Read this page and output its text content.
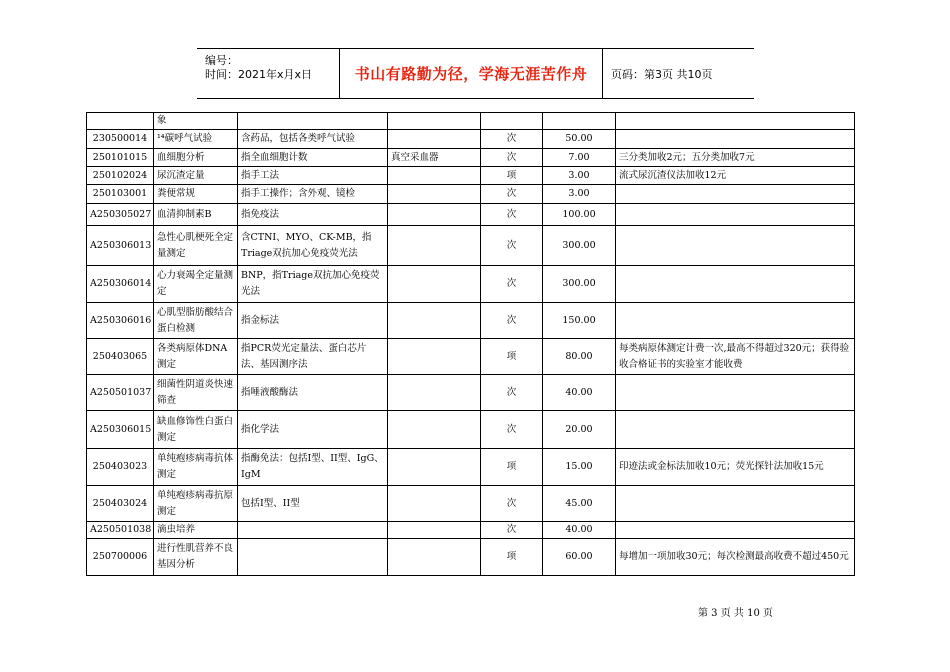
编号：
时间：2021年x月x日	书山有路勤为径，学海无涯苦作舟	页码：第3页 共10页
	象					
230500014	¹⁴碳呼气试验	含药品，包括各类呼气试验		次	50.00	
250101015	血细胞分析	指全血细胞计数	真空采血器	次	7.00	三分类加收2元；五分类加收7元
250102024	尿沉渣定量	指手工法		项	3.00	流式尿沉渣仪法加收12元
250103001	粪便常规	指手工操作；含外观、镜检		次	3.00	
A250305027	血清抑制素B	指免疫法		次	100.00	
A250306013	急性心肌梗死全定量测定	含CTNI、MYO、CK-MB，指Triage双抗加心免疫荧光法		次	300.00	
A250306014	心力衰竭全定量测定	BNP，指Triage双抗加心免疫荧光法		次	300.00	
A250306016	心肌型脂肪酸结合蛋白检测	指金标法		次	150.00	
250403065	各类病原体DNA测定	指PCR荧光定量法、蛋白芯片法、基因测序法		项	80.00	每类病原体测定计费一次,最高不得超过320元；获得验收合格证书的实验室才能收费
A250501037	细菌性阴道炎快速筛查	指唾液酸酶法		次	40.00	
A250306015	缺血修饰性白蛋白测定	指化学法		次	20.00	
250403023	单纯疱疹病毒抗体测定	指酶免法：包括I型、II型、IgG、IgM		项	15.00	印迹法或金标法加收10元；荧光探针法加收15元
250403024	单纯疱疹病毒抗原测定	包括I型、II型		次	45.00	
A250501038	滴虫培养			次	40.00	
250700006	进行性肌营养不良基因分析			项	60.00	每增加一项加收30元；每次检测最高收费不超过450元
第 3 页 共 10 页
